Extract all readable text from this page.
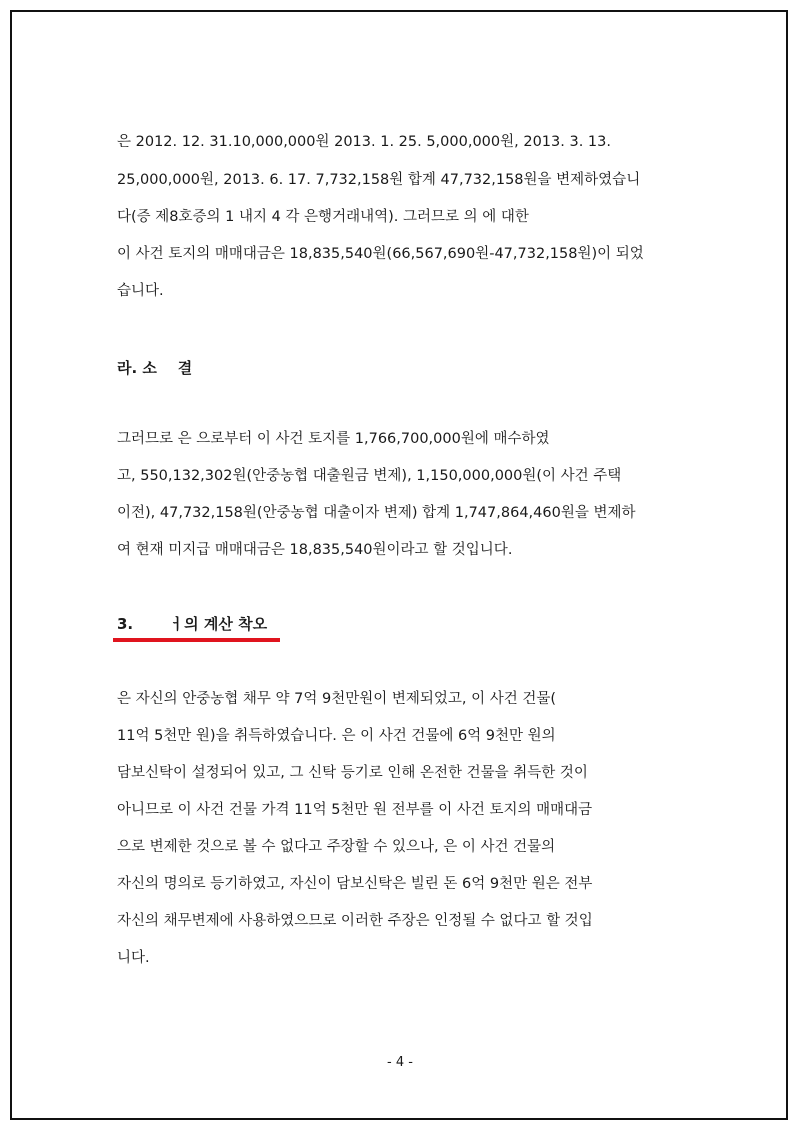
은 2012. 12. 31.10,000,000원 2013. 1. 25. 5,000,000원, 2013. 3. 13.
25,000,000원, 2013. 6. 17. 7,732,158원 합계 47,732,158원을 변제하였습니
다(증 제8호증의 1 내지 4 각 은행거래내역). 그러므로 의 에 대한
이 사건 토지의 매매대금은 18,835,540원(66,567,690원-47,732,158원)이 되었
습니다.
라. 소    결
그러므로 은 으로부터 이 사건 토지를 1,766,700,000원에 매수하였
고, 550,132,302원(안중농협 대출원금 변제), 1,150,000,000원(이 사건 주택
이전), 47,732,158원(안중농협 대출이자 변제) 합계 1,747,864,460원을 변제하
여 현재 미지급 매매대금은 18,835,540원이라고 할 것입니다.
3.       ㅓ의 계산 착오
은 자신의 안중농협 채무 약 7억 9천만원이 변제되었고, 이 사건 건물(
11억 5천만 원)을 취득하였습니다. 은 이 사건 건물에 6억 9천만 원의
담보신탁이 설정되어 있고, 그 신탁 등기로 인해 온전한 건물을 취득한 것이
아니므로 이 사건 건물 가격 11억 5천만 원 전부를 이 사건 토지의 매매대금
으로 변제한 것으로 볼 수 없다고 주장할 수 있으나, 은 이 사건 건물의
자신의 명의로 등기하였고, 자신이 담보신탁은 빌린 돈 6억 9천만 원은 전부
자신의 채무변제에 사용하였으므로 이러한 주장은 인정될 수 없다고 할 것입
니다.
- 4 -
